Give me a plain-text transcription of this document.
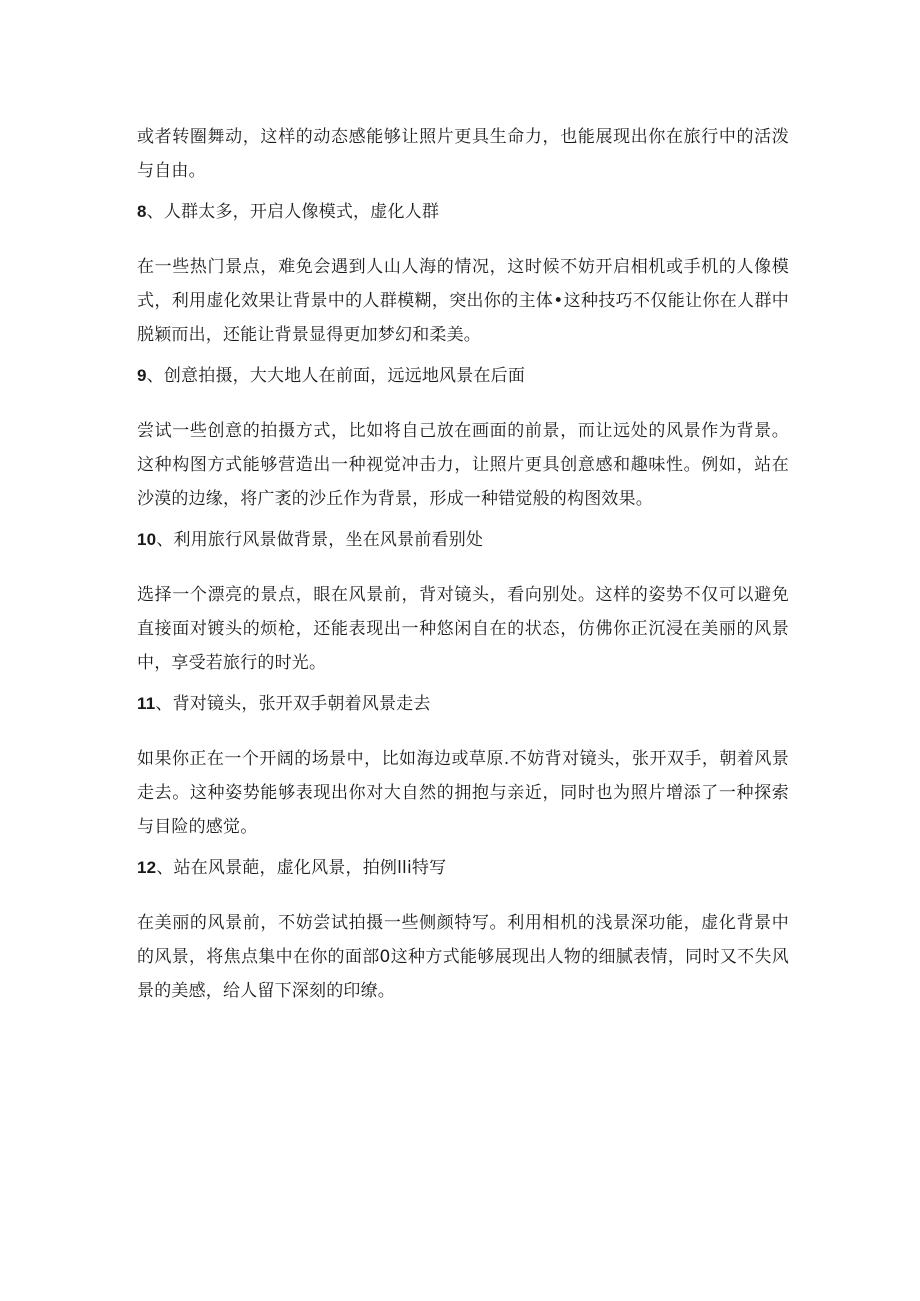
或者转圈舞动，这样的动态感能够让照片更具生命力，也能展现出你在旅行中的活泼与自由。

8、人群太多，开启人像模式，虚化人群

在一些热门景点，难免会遇到人山人海的情况，这时候不妨开启相机或手机的人像模式，利用虚化效果让背景中的人群模糊，突出你的主体•这种技巧不仅能让你在人群中脱颖而出，还能让背景显得更加梦幻和柔美。

9、创意拍摄，大大地人在前面，远远地风景在后面

尝试一些创意的拍摄方式，比如将自己放在画面的前景，而让远处的风景作为背景。这种构图方式能够营造出一种视觉冲击力，让照片更具创意感和趣味性。例如，站在沙漠的边缘，将广袤的沙丘作为背景，形成一种错觉般的构图效果。

10、利用旅行风景做背景，坐在风景前看别处

选择一个漂亮的景点，眼在风景前，背对镜头，看向别处。这样的姿势不仅可以避免直接面对镀头的烦枪，还能表现出一种悠闲自在的状态，仿佛你正沉浸在美丽的风景中，享受若旅行的时光。

11、背对镜头，张开双手朝着风景走去

如果你正在一个开阔的场景中，比如海边或草原.不妨背对镜头，张开双手，朝着风景走去。这种姿势能够表现出你对大自然的拥抱与亲近，同时也为照片增添了一种探索与目险的感觉。

12、站在风景葩，虚化风景，拍例lli特写

在美丽的风景前，不妨尝试拍摄一些侧颜特写。利用相机的浅景深功能，虚化背景中的风景，将焦点集中在你的面部0这种方式能够展现出人物的细腻表情，同时又不失风景的美感，给人留下深刻的印缭。
